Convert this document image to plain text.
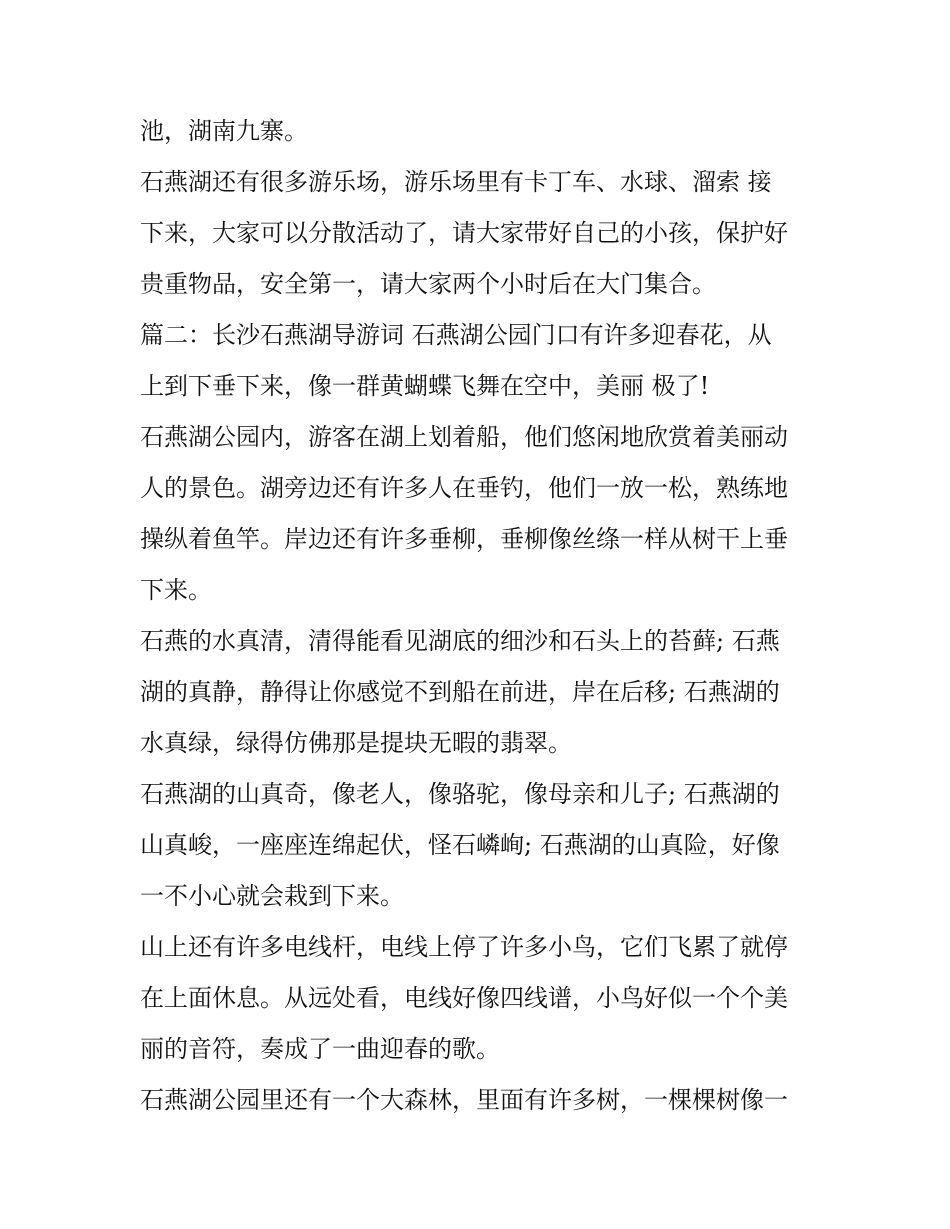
池，湖南九寨。
石燕湖还有很多游乐场，游乐场里有卡丁车、水球、溜索 接
下来，大家可以分散活动了，请大家带好自己的小孩，保护好
贵重物品，安全第一，请大家两个小时后在大门集合。
篇二：长沙石燕湖导游词 石燕湖公园门口有许多迎春花，从
上到下垂下来，像一群黄蝴蝶飞舞在空中，美丽 极了!
石燕湖公园内，游客在湖上划着船，他们悠闲地欣赏着美丽动
人的景色。湖旁边还有许多人在垂钓，他们一放一松，熟练地
操纵着鱼竿。岸边还有许多垂柳，垂柳像丝绦一样从树干上垂
下来。
石燕的水真清，清得能看见湖底的细沙和石头上的苔藓; 石燕
湖的真静，静得让你感觉不到船在前进，岸在后移; 石燕湖的
水真绿，绿得仿佛那是提块无暇的翡翠。
石燕湖的山真奇，像老人，像骆驼，像母亲和儿子; 石燕湖的
山真峻，一座座连绵起伏，怪石嶙峋; 石燕湖的山真险，好像
一不小心就会栽到下来。
山上还有许多电线杆，电线上停了许多小鸟，它们飞累了就停
在上面休息。从远处看，电线好像四线谱，小鸟好似一个个美
丽的音符，奏成了一曲迎春的歌。
石燕湖公园里还有一个大森林，里面有许多树，一棵棵树像一
